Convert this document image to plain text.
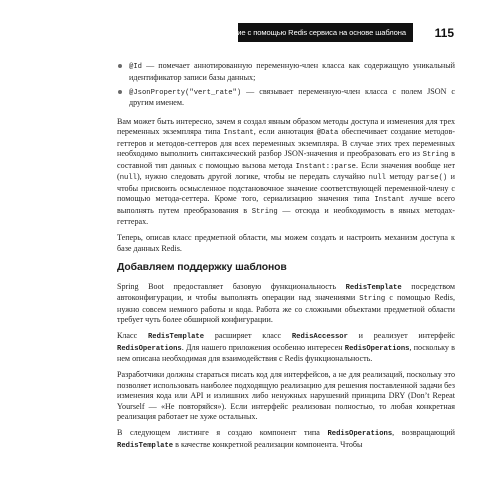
Создание с помощью Redis сервиса на основе шаблона	115
@Id — помечает аннотированную переменную-член класса как содержащую уникальный идентификатор записи базы данных;
@JsonProperty("vert_rate") — связывает переменную-член класса с полем JSON с другим именем.

Вам может быть интересно, зачем я создал явным образом методы доступа и изменения для трех переменных экземпляра типа Instant, если аннотация @Data обеспечивает создание методов-геттеров и методов-сеттеров для всех переменных экземпляра. В случае этих трех переменных необходимо выполнить синтаксический разбор JSON-значения и преобразовать его из String в составной тип данных с помощью вызова метода Instant::parse. Если значения вообще нет (null), нужно следовать другой логике, чтобы не передать случайно null методу parse() и чтобы присвоить осмысленное подстановочное значение соответствующей переменной-члену с помощью метода-сеттера. Кроме того, сериализацию значения типа Instant лучше всего выполнять путем преобразования в String — отсюда и необходимость в явных методах-геттерах.

Теперь, описав класс предметной области, мы можем создать и настроить механизм доступа к базе данных Redis.

Добавляем поддержку шаблонов

Spring Boot предоставляет базовую функциональность RedisTemplate посредством автоконфигурации, и чтобы выполнять операции над значениями String с помощью Redis, нужно совсем немного работы и кода. Работа же со сложными объектами предметной области требует чуть более обширной конфигурации.

Класс RedisTemplate расширяет класс RedisAccessor и реализует интерфейс RedisOperations. Для нашего приложения особенно интересен RedisOperations, поскольку в нем описана необходимая для взаимодействия с Redis функциональность.

Разработчики должны стараться писать код для интерфейсов, а не для реализаций, поскольку это позволяет использовать наиболее подходящую реализацию для решения поставленной задачи без изменения кода или API и излишних либо ненужных нарушений принципа DRY (Don’t Repeat Yourself — «Не повторяйся»). Если интерфейс реализован полностью, то любая конкретная реализация работает не хуже остальных.

В следующем листинге я создаю компонент типа RedisOperations, возвращающий RedisTemplate в качестве конкретной реализации компонента. Чтобы
